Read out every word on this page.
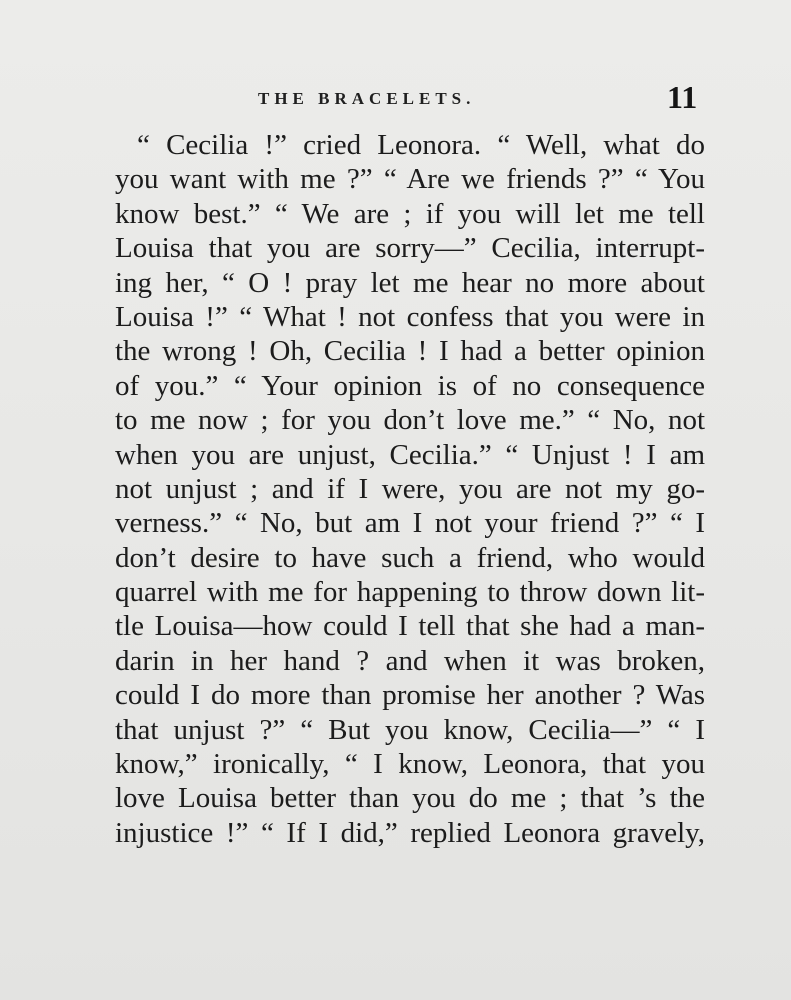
THE BRACELETS.	11
“ Cecilia !” cried Leonora. “ Well, what do
you want with me ?” “ Are we friends ?” “ You
know best.” “ We are ; if you will let me tell
Louisa that you are sorry—” Cecilia, interrupt-
ing her, “ O ! pray let me hear no more about
Louisa !” “ What ! not confess that you were in
the wrong ! Oh, Cecilia ! I had a better opinion
of you.” “ Your opinion is of no consequence
to me now ; for you don’t love me.” “ No, not
when you are unjust, Cecilia.” “ Unjust ! I am
not unjust ; and if I were, you are not my go-
verness.” “ No, but am I not your friend ?” “ I
don’t desire to have such a friend, who would
quarrel with me for happening to throw down lit-
tle Louisa—how could I tell that she had a man-
darin in her hand ? and when it was broken,
could I do more than promise her another ? Was
that unjust ?” “ But you know, Cecilia—” “ I
know,” ironically, “ I know, Leonora, that you
love Louisa better than you do me ; that ’s the
injustice !” “ If I did,” replied Leonora gravely,
